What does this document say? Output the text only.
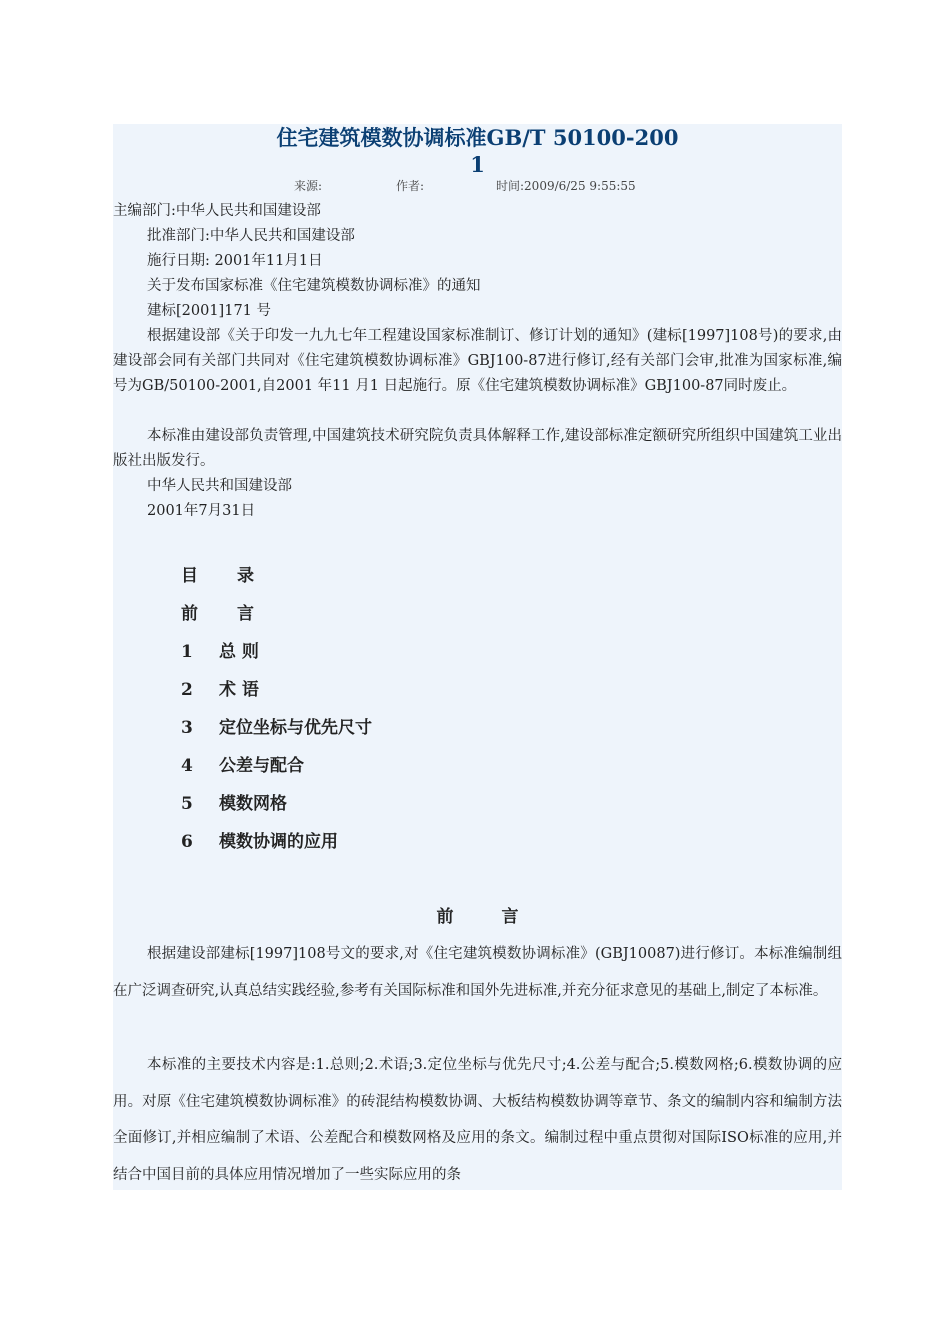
住宅建筑模数协调标准GB/T 50100-200
1
来源:	作者:	时间:2009/6/25 9:55:55
主编部门:中华人民共和国建设部
批准部门:中华人民共和国建设部
施行日期: 2001年11月1日
关于发布国家标准《住宅建筑模数协调标准》的通知
建标[2001]171 号
根据建设部《关于印发一九九七年工程建设国家标准制订、修订计划的通知》(建标[1997]108号)的要求,由建设部会同有关部门共同对《住宅建筑模数协调标准》GBJ100-87进行修订,经有关部门会审,批准为国家标准,编号为GB/50100-2001,自2001 年11 月1 日起施行。原《住宅建筑模数协调标准》GBJ100-87同时废止。
本标准由建设部负责管理,中国建筑技术研究院负责具体解释工作,建设部标准定额研究所组织中国建筑工业出版社出版发行。
中华人民共和国建设部
2001年7月31日
目 录
前 言
1 总 则
2 术 语
3 定位坐标与优先尺寸
4 公差与配合
5 模数网格
6 模数协调的应用
前	言
根据建设部建标[1997]108号文的要求,对《住宅建筑模数协调标准》(GBJ10087)进行修订。本标准编制组在广泛调查研究,认真总结实践经验,参考有关国际标准和国外先进标准,并充分征求意见的基础上,制定了本标准。
本标准的主要技术内容是:1.总则;2.术语;3.定位坐标与优先尺寸;4.公差与配合;5.模数网格;6.模数协调的应用。对原《住宅建筑模数协调标准》的砖混结构模数协调、大板结构模数协调等章节、条文的编制内容和编制方法全面修订,并相应编制了术语、公差配合和模数网格及应用的条文。编制过程中重点贯彻对国际ISO标准的应用,并结合中国目前的具体应用情况增加了一些实际应用的条
